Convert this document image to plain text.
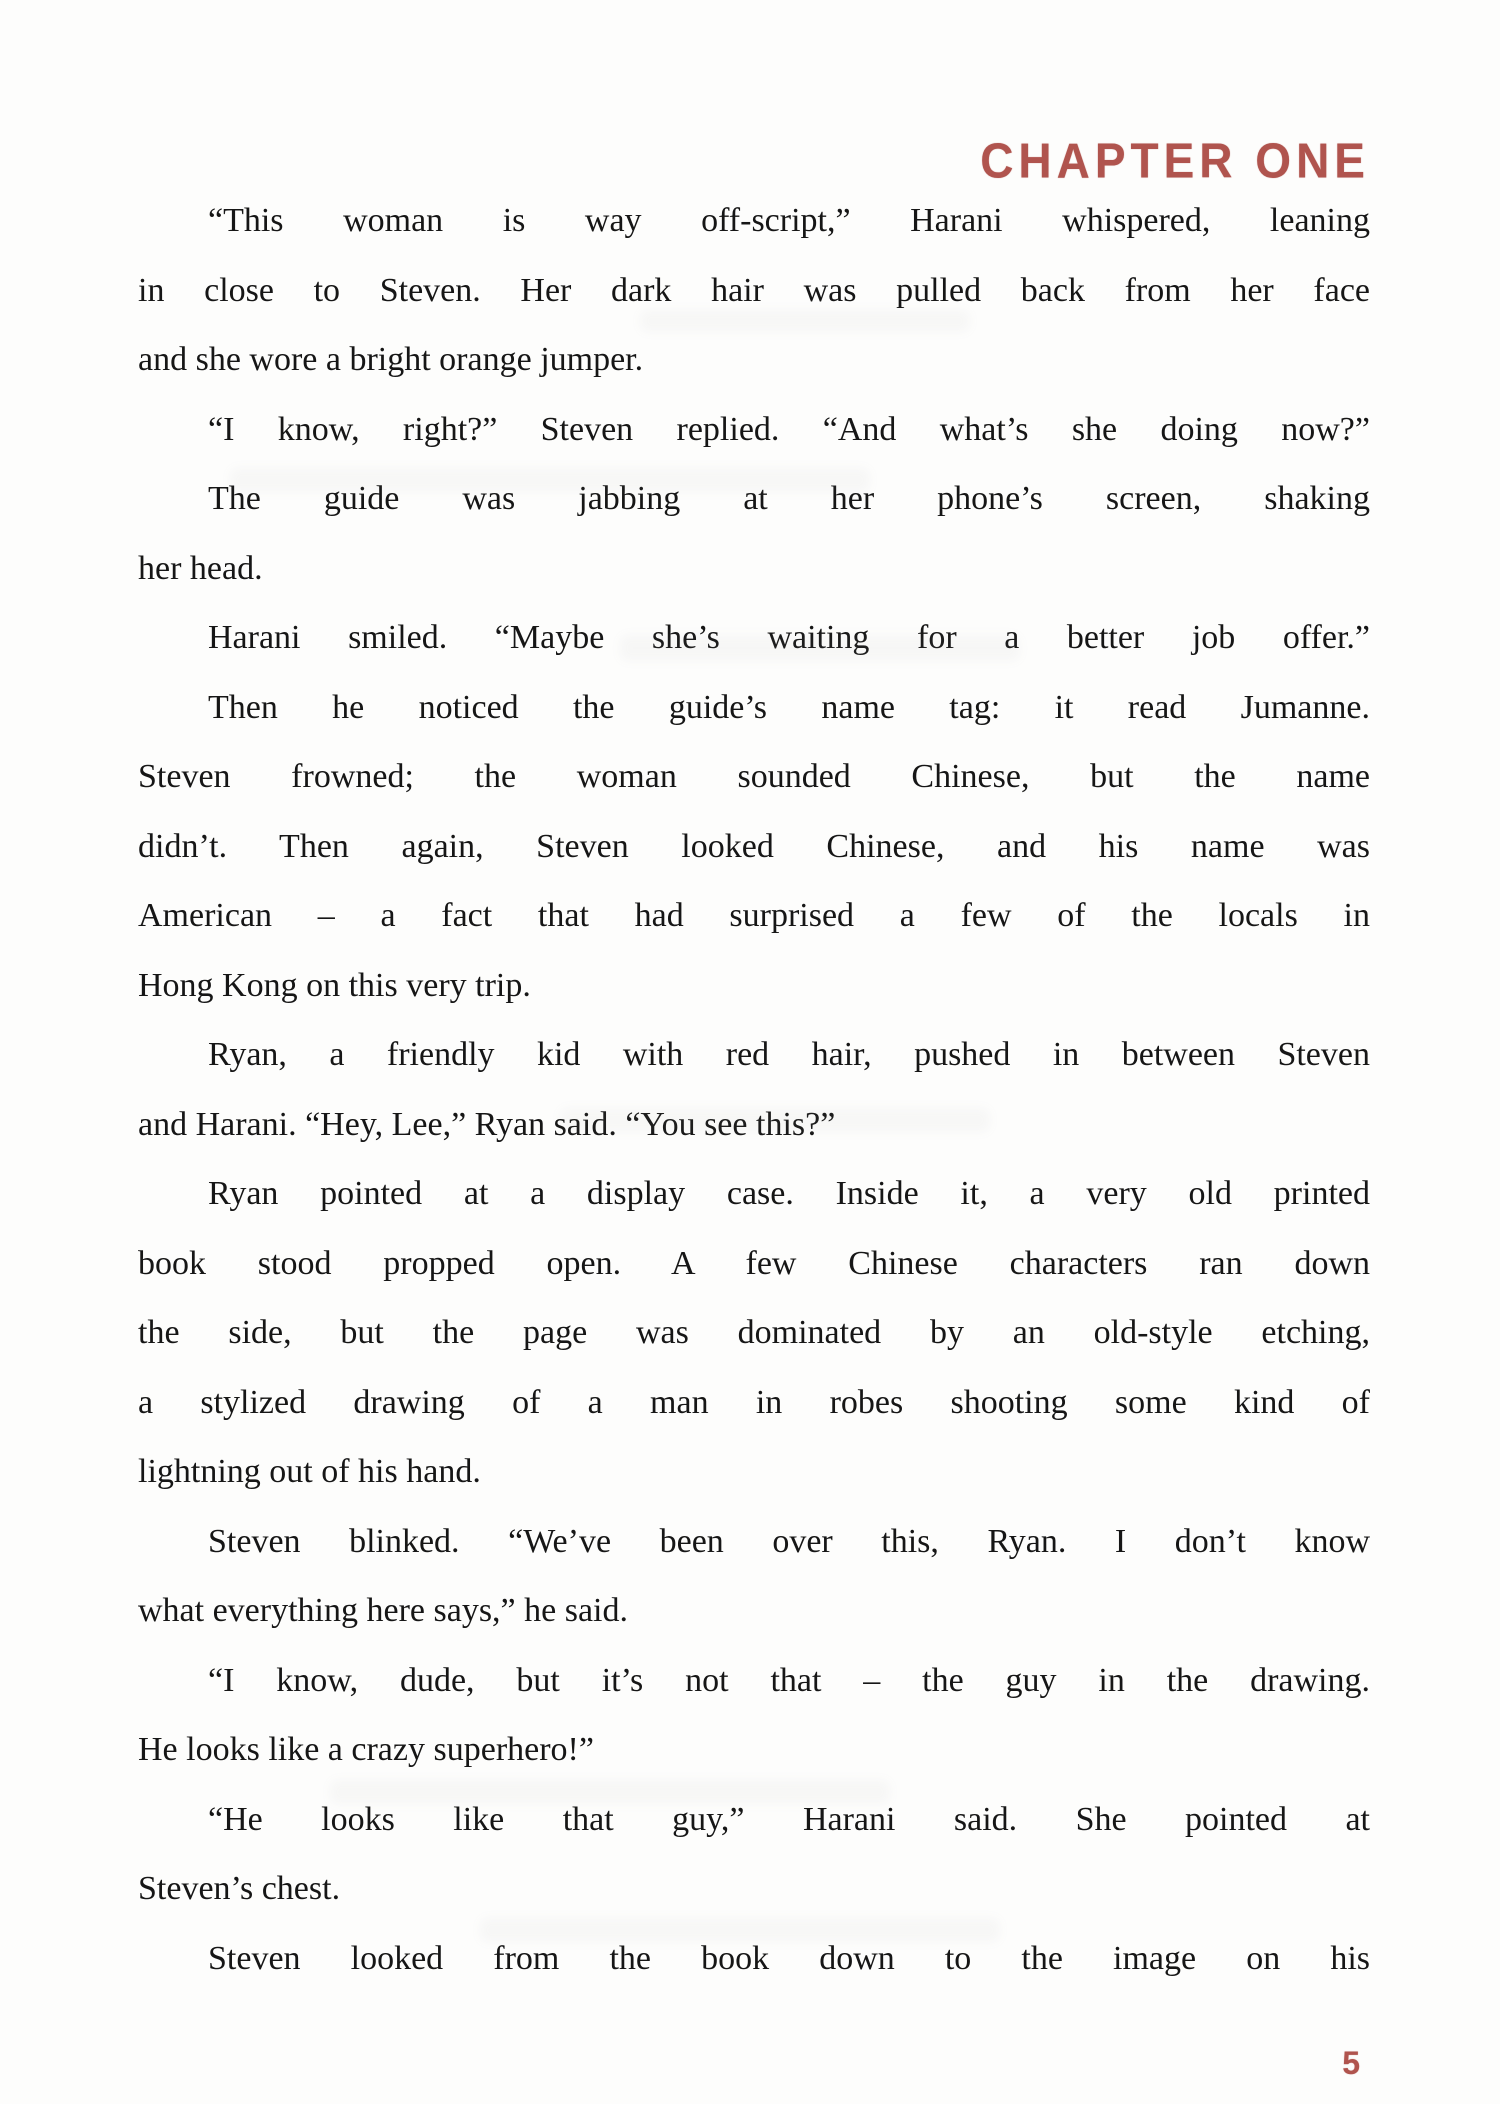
CHAPTER ONE
“This woman is way off-script,” Harani whispered, leaning
in close to Steven. Her dark hair was pulled back from her face
and she wore a bright orange jumper.
“I know, right?” Steven replied. “And what’s she doing now?”
The guide was jabbing at her phone’s screen, shaking
her head.
Harani smiled. “Maybe she’s waiting for a better job offer.”
Then he noticed the guide’s name tag: it read Jumanne.
Steven frowned; the woman sounded Chinese, but the name
didn’t. Then again, Steven looked Chinese, and his name was
American – a fact that had surprised a few of the locals in
Hong Kong on this very trip.
Ryan, a friendly kid with red hair, pushed in between Steven
and Harani. “Hey, Lee,” Ryan said. “You see this?”
Ryan pointed at a display case. Inside it, a very old printed
book stood propped open. A few Chinese characters ran down
the side, but the page was dominated by an old-style etching,
a stylized drawing of a man in robes shooting some kind of
lightning out of his hand.
Steven blinked. “We’ve been over this, Ryan. I don’t know
what everything here says,” he said.
“I know, dude, but it’s not that – the guy in the drawing.
He looks like a crazy superhero!”
“He looks like that guy,” Harani said. She pointed at
Steven’s chest.
Steven looked from the book down to the image on his
5
